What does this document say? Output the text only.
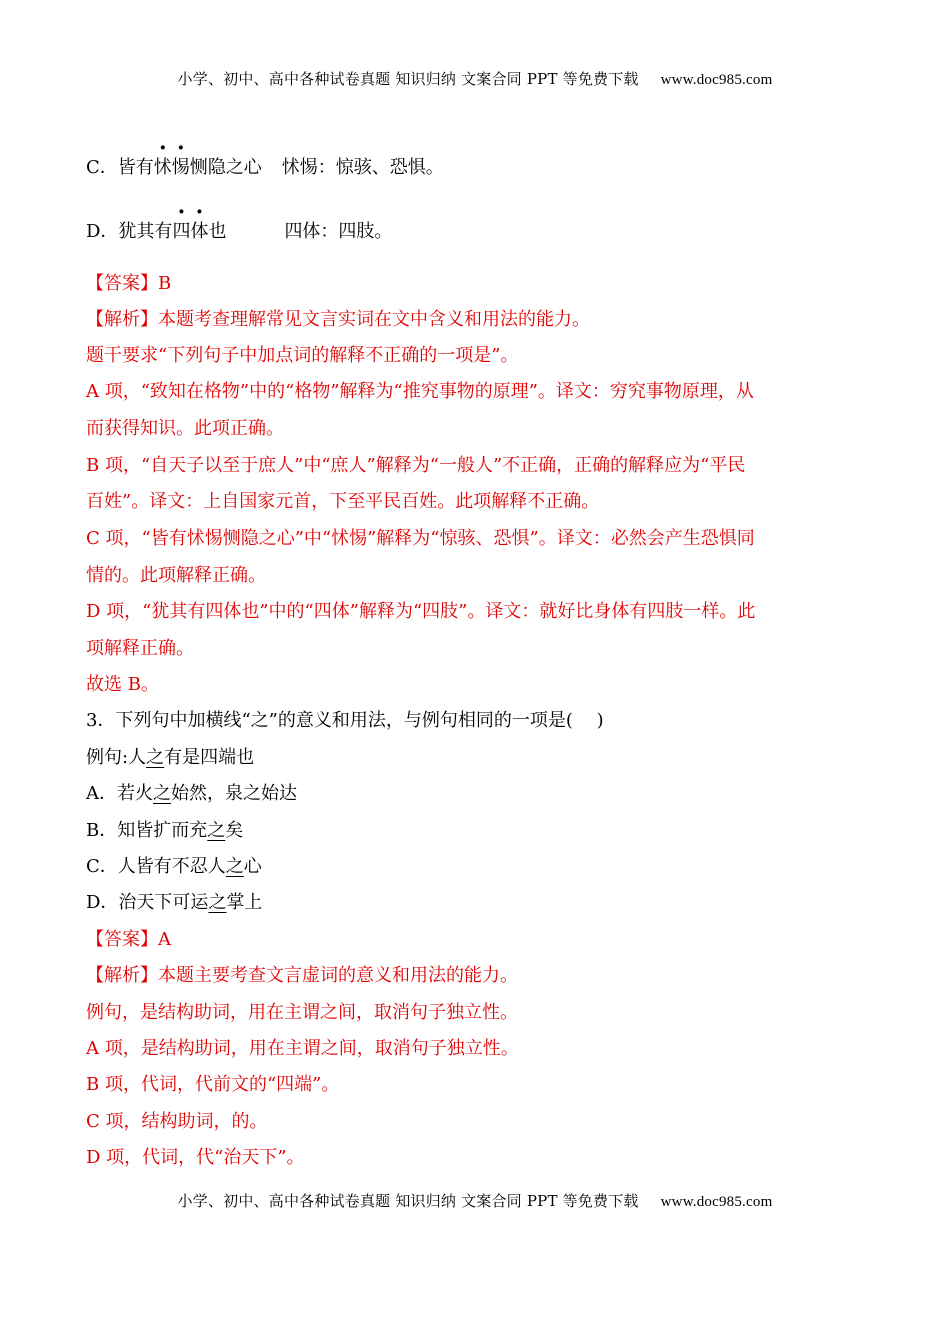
小学、初中、高中各种试卷真题 知识归纳 文案合同 PPT 等免费下载 www.doc985.com
C．皆有怵惕恻隐之心 怵惕：惊骇、恐惧。
D．犹其有四体也	四体：四肢。
【答案】B
【解析】本题考查理解常见文言实词在文中含义和用法的能力。
题干要求“下列句子中加点词的解释不正确的一项是”。
A 项，“致知在格物”中的“格物”解释为“推究事物的原理”。译文：穷究事物原理，从
而获得知识。此项正确。
B 项，“自天子以至于庶人”中“庶人”解释为“一般人”不正确，正确的解释应为“平民
百姓”。译文：上自国家元首，下至平民百姓。此项解释不正确。
C 项，“皆有怵惕恻隐之心”中“怵惕”解释为“惊骇、恐惧”。译文：必然会产生恐惧同
情的。此项解释正确。
D 项，“犹其有四体也”中的“四体”解释为“四肢”。译文：就好比身体有四肢一样。此
项解释正确。
故选 B。
3．下列句中加横线“之”的意义和用法，与例句相同的一项是(　 )
例句:人之有是四端也
A．若火之始然，泉之始达
B．知皆扩而充之矣
C．人皆有不忍人之心
D．治天下可运之掌上
【答案】A
【解析】本题主要考查文言虚词的意义和用法的能力。
例句，是结构助词，用在主谓之间，取消句子独立性。
A 项，是结构助词，用在主谓之间，取消句子独立性。
B 项，代词，代前文的“四端”。
C 项，结构助词，的。
D 项，代词，代“治天下”。
小学、初中、高中各种试卷真题 知识归纳 文案合同 PPT 等免费下载 www.doc985.com
